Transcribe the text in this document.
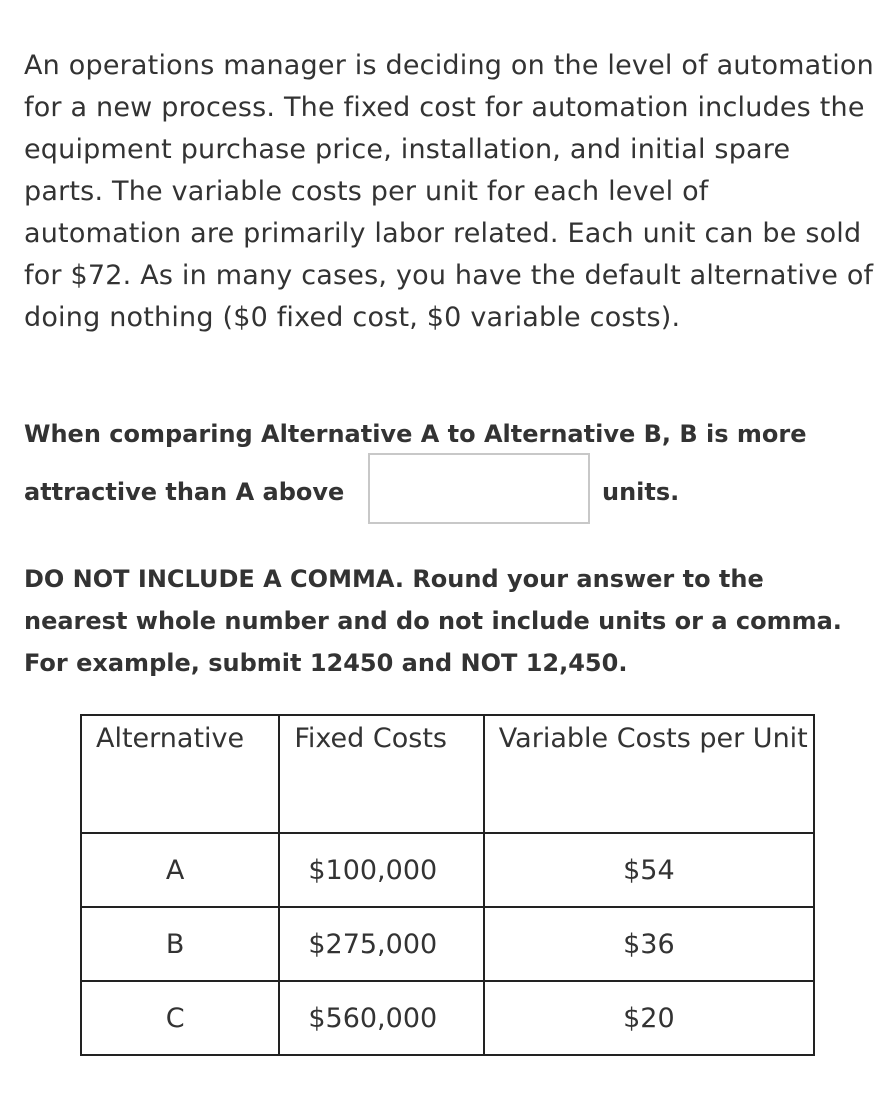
An operations manager is deciding on the level of automation for a new process. The fixed cost for automation includes the equipment purchase price, installation, and initial spare parts. The variable costs per unit for each level of automation are primarily labor related. Each unit can be sold for $72. As in many cases, you have the default alternative of doing nothing ($0 fixed cost, $0 variable costs).

When comparing Alternative A to Alternative B, B is more
attractive than A above	units.

DO NOT INCLUDE A COMMA. Round your answer to the nearest whole number and do not include units or a comma. For example, submit 12450 and NOT 12,450.

Alternative	Fixed Costs	Variable Costs per Unit
A	$100,000	$54
B	$275,000	$36
C	$560,000	$20
